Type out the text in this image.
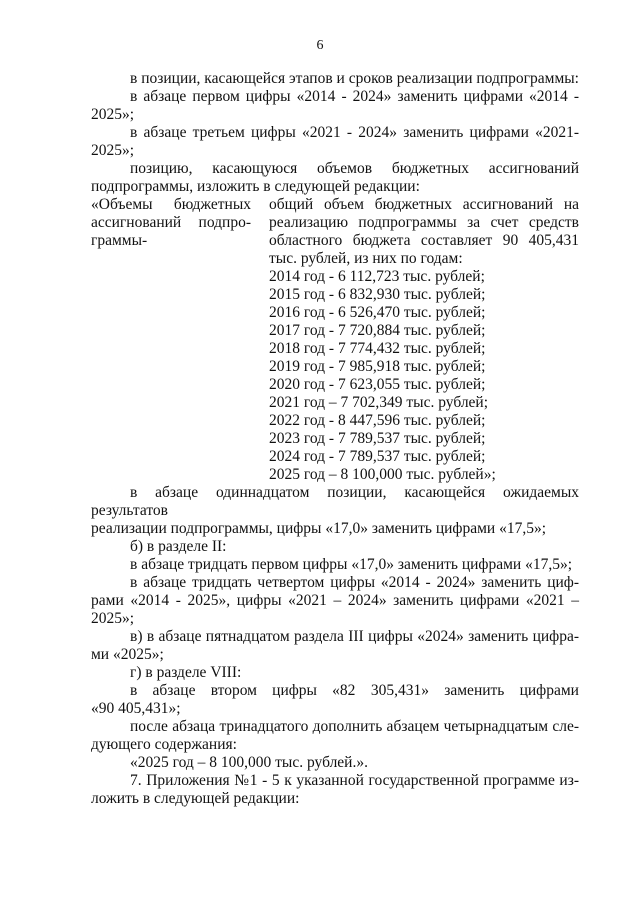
6

в позиции, касающейся этапов и сроков реализации подпрограммы:

в абзаце первом цифры «2014 - 2024» заменить цифрами «2014 -

2025»;

в абзаце третьем цифры «2021 - 2024» заменить цифрами «2021-

2025»;

позицию, касающуюся объемов бюджетных ассигнований

подпрограммы, изложить в следующей редакции:

«Объемы бюджетных

ассигнований подпро-

граммы-

общий объем бюджетных ассигнований на

реализацию подпрограммы за счет средств

областного бюджета составляет 90 405,431

тыс. рублей, из них по годам:

2014 год - 6 112,723 тыс. рублей;

2015 год - 6 832,930 тыс. рублей;

2016 год - 6 526,470 тыс. рублей;

2017 год - 7 720,884 тыс. рублей;

2018 год - 7 774,432 тыс. рублей;

2019 год - 7 985,918 тыс. рублей;

2020 год - 7 623,055 тыс. рублей;

2021 год – 7 702,349 тыс. рублей;

2022 год - 8 447,596 тыс. рублей;

2023 год - 7 789,537 тыс. рублей;

2024 год - 7 789,537 тыс. рублей;

2025 год – 8 100,000 тыс. рублей»;

в абзаце одиннадцатом позиции, касающейся ожидаемых результатов

реализации подпрограммы, цифры «17,0» заменить цифрами «17,5»;

б) в разделе II:

в абзаце тридцать первом цифры «17,0» заменить цифрами «17,5»;

в абзаце тридцать четвертом цифры «2014 - 2024» заменить циф-

рами «2014 - 2025», цифры «2021 – 2024» заменить цифрами «2021 –

2025»;

в) в абзаце пятнадцатом раздела III цифры «2024» заменить цифра-

ми «2025»;

г) в разделе VIII:

в абзаце втором цифры «82    305,431» заменить цифрами

«90 405,431»;

после абзаца тринадцатого дополнить абзацем четырнадцатым сле-

дующего содержания:

«2025 год – 8 100,000 тыс. рублей.».

7. Приложения №1 - 5 к указанной государственной программе из-

ложить в следующей редакции:
